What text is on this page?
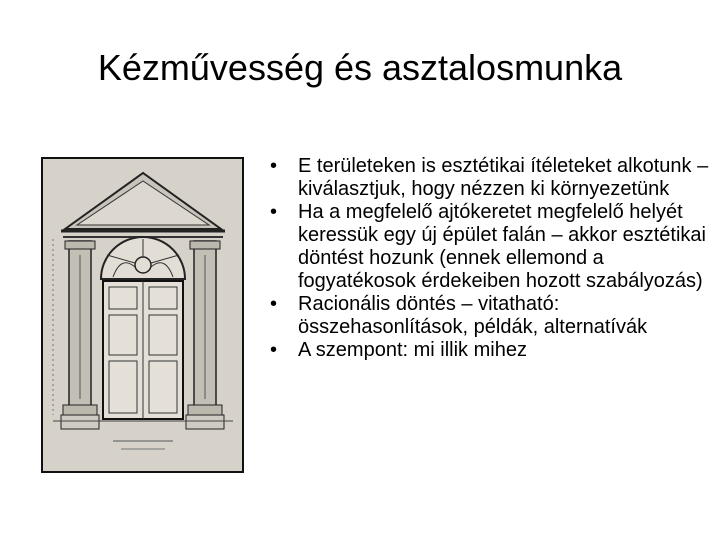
Kézművesség és asztalosmunka
• E területeken is esztétikai ítéleteket alkotunk – kiválasztjuk, hogy nézzen ki környezetünk
• Ha a megfelelő ajtókeretet megfelelő helyét keressük egy új épület falán – akkor esztétikai döntést hozunk (ennek ellemond a fogyatékosok érdekeiben hozott szabályozás)
• Racionális döntés – vitatható: összehasonlítások, példák, alternatívák
• A szempont: mi illik mihez
